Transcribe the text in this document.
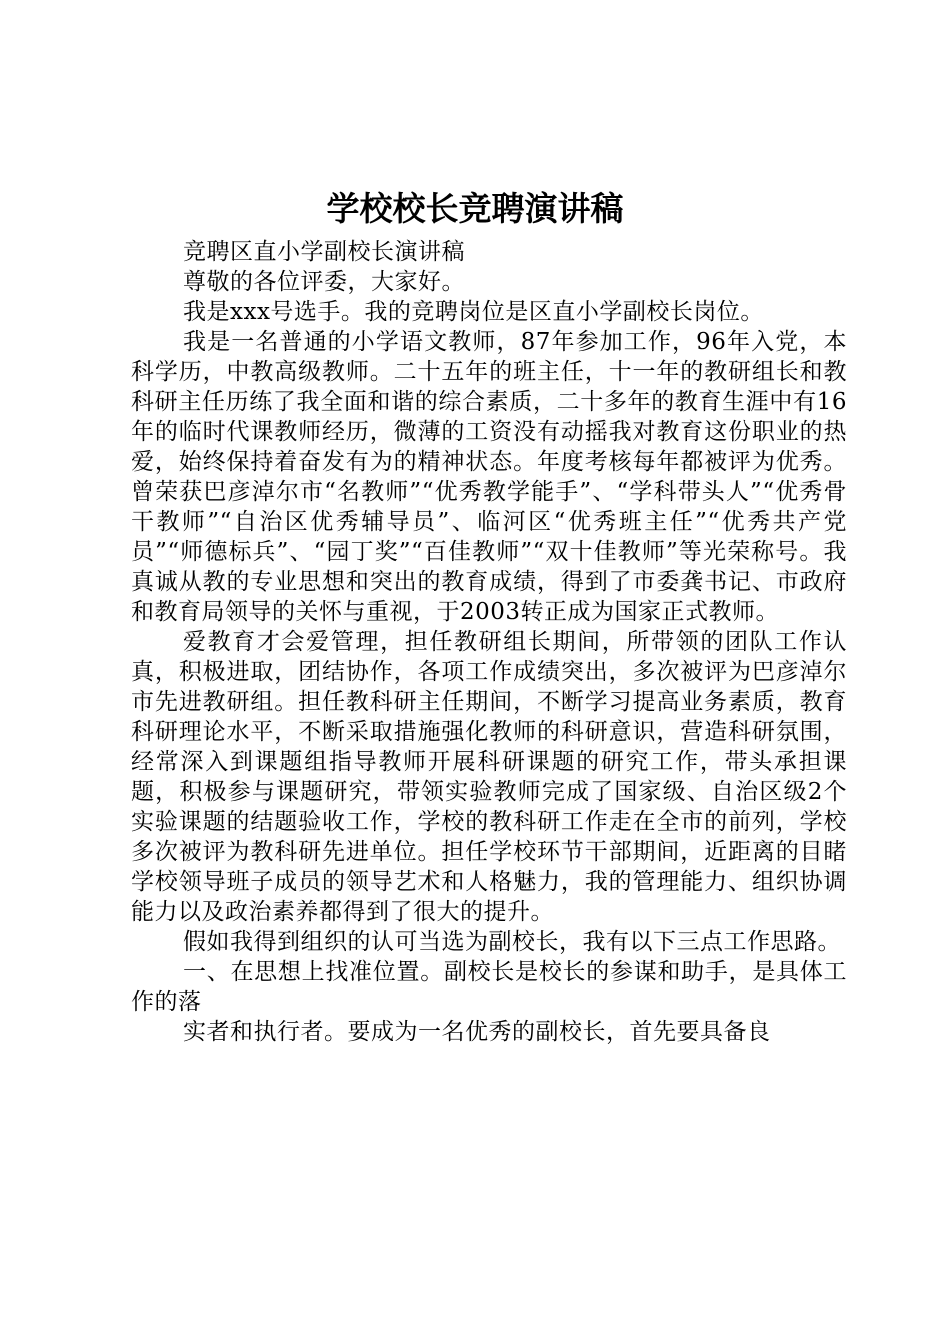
学校校长竞聘演讲稿

竞聘区直小学副校长演讲稿

尊敬的各位评委，大家好。

我是xxx号选手。我的竞聘岗位是区直小学副校长岗位。

我是一名普通的小学语文教师，87年参加工作，96年入党，本科学历，中教高级教师。二十五年的班主任，十一年的教研组长和教科研主任历练了我全面和谐的综合素质，二十多年的教育生涯中有16年的临时代课教师经历，微薄的工资没有动摇我对教育这份职业的热爱，始终保持着奋发有为的精神状态。年度考核每年都被评为优秀。曾荣获巴彦淖尔市“名教师”“优秀教学能手”、“学科带头人”“优秀骨干教师”“自治区优秀辅导员”、临河区“优秀班主任”“优秀共产党员”“师德标兵”、“园丁奖”“百佳教师”“双十佳教师”等光荣称号。我真诚从教的专业思想和突出的教育成绩，得到了市委龚书记、市政府和教育局领导的关怀与重视，于2003转正成为国家正式教师。

爱教育才会爱管理，担任教研组长期间，所带领的团队工作认真，积极进取，团结协作，各项工作成绩突出，多次被评为巴彦淖尔市先进教研组。担任教科研主任期间，不断学习提高业务素质，教育科研理论水平，不断采取措施强化教师的科研意识，营造科研氛围，经常深入到课题组指导教师开展科研课题的研究工作，带头承担课题，积极参与课题研究，带领实验教师完成了国家级、自治区级2个实验课题的结题验收工作，学校的教科研工作走在全市的前列，学校多次被评为教科研先进单位。担任学校环节干部期间，近距离的目睹学校领导班子成员的领导艺术和人格魅力，我的管理能力、组织协调能力以及政治素养都得到了很大的提升。

假如我得到组织的认可当选为副校长，我有以下三点工作思路。

一、在思想上找准位置。副校长是校长的参谋和助手，是具体工作的落

实者和执行者。要成为一名优秀的副校长，首先要具备良
